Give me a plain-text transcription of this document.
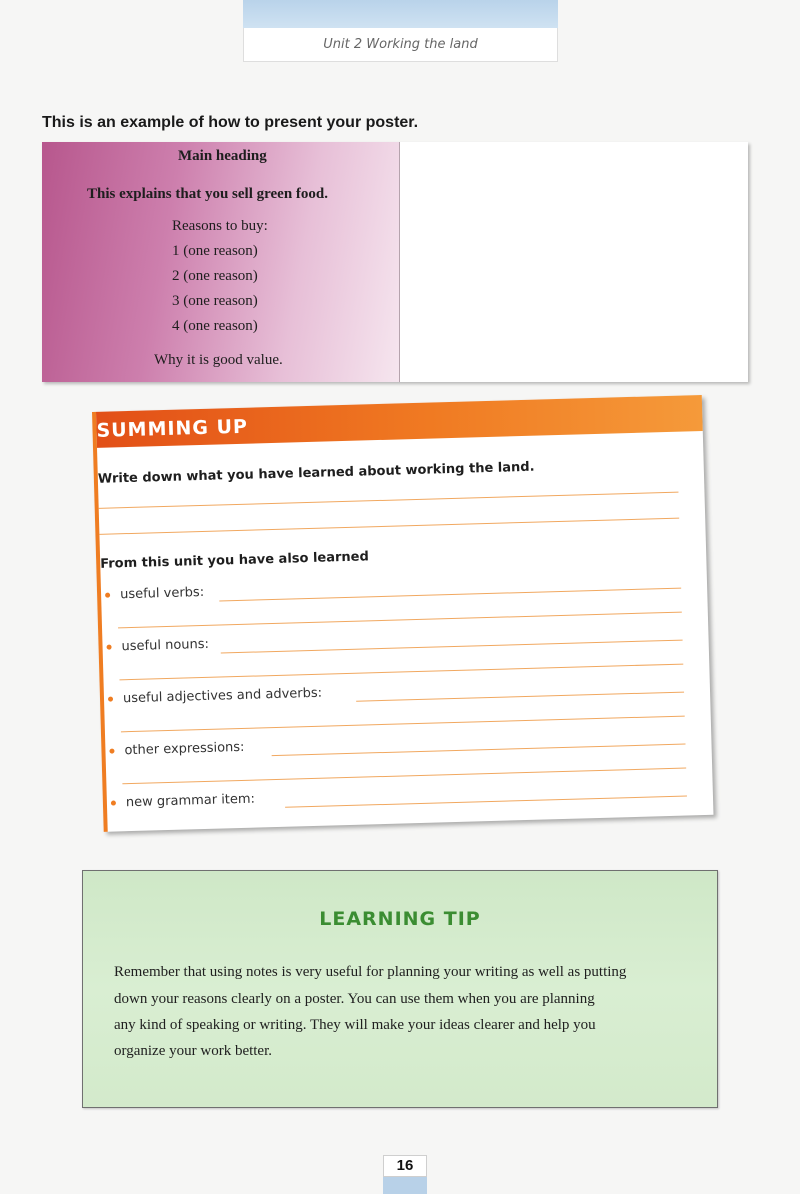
Unit 2 Working the land
This is an example of how to present your poster.
Main heading
This explains that you sell green food.
Reasons to buy:
1 (one reason)
2 (one reason)
3 (one reason)
4 (one reason)
Why it is good value.
SUMMING UP
Write down what you have learned about working the land.
From this unit you have also learned
useful verbs:
useful nouns:
useful adjectives and adverbs:
other expressions:
new grammar item:
LEARNING TIP
Remember that using notes is very useful for planning your writing as well as putting
down your reasons clearly on a poster. You can use them when you are planning
any kind of speaking or writing. They will make your ideas clearer and help you
organize your work better.
16
